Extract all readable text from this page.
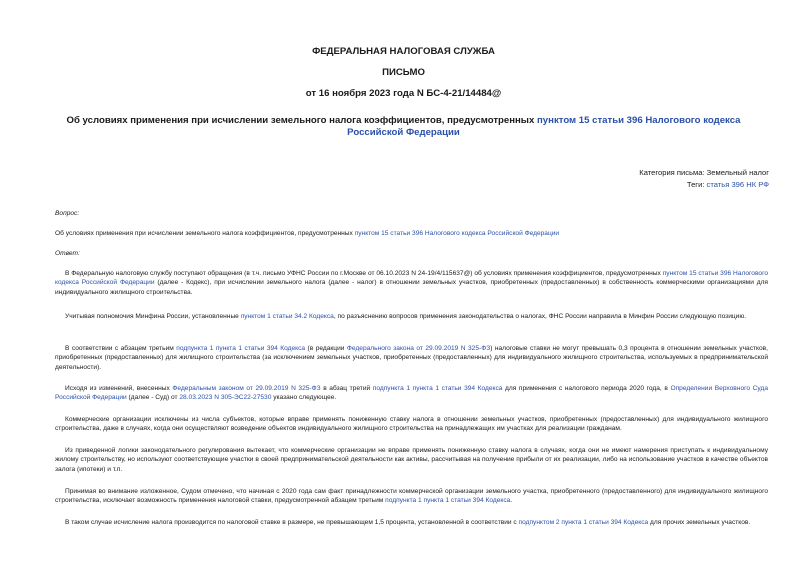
ФЕДЕРАЛЬНАЯ НАЛОГОВАЯ СЛУЖБА
ПИСЬМО
от 16 ноября 2023 года N БС-4-21/14484@
Об условиях применения при исчислении земельного налога коэффициентов, предусмотренных пунктом 15 статьи 396 Налогового кодекса Российской Федерации
Категория письма: Земельный налог
Теги: статья 396 НК РФ
Вопрос:
Об условиях применения при исчислении земельного налога коэффициентов, предусмотренных пунктом 15 статьи 396 Налогового кодекса Российской Федерации
Ответ:
В Федеральную налоговую службу поступают обращения (в т.ч. письмо УФНС России по г.Москве от 06.10.2023 N 24-19/4/115637@) об условиях применения коэффициентов, предусмотренных пунктом 15 статьи 396 Налогового кодекса Российской Федерации (далее - Кодекс), при исчислении земельного налога (далее - налог) в отношении земельных участков, приобретенных (предоставленных) в собственность коммерческими организациями для индивидуального жилищного строительства.
Учитывая полномочия Минфина России, установленные пунктом 1 статьи 34.2 Кодекса, по разъяснению вопросов применения законодательства о налогах, ФНС России направила в Минфин России следующую позицию.
В соответствии с абзацем третьим подпункта 1 пункта 1 статьи 394 Кодекса (в редакции Федерального закона от 29.09.2019 N 325-ФЗ) налоговые ставки не могут превышать 0,3 процента в отношении земельных участков, приобретенных (предоставленных) для жилищного строительства (за исключением земельных участков, приобретенных (предоставленных) для индивидуального жилищного строительства, используемых в предпринимательской деятельности).
Исходя из изменений, внесенных Федеральным законом от 29.09.2019 N 325-ФЗ в абзац третий подпункта 1 пункта 1 статьи 394 Кодекса для применения с налогового периода 2020 года, в Определении Верховного Суда Российской Федерации (далее - Суд) от 28.03.2023 N 305-ЭС22-27530 указано следующее.
Коммерческие организации исключены из числа субъектов, которые вправе применять пониженную ставку налога в отношении земельных участков, приобретенных (предоставленных) для индивидуального жилищного строительства, даже в случаях, когда они осуществляют возведение объектов индивидуального жилищного строительства на принадлежащих им участках для реализации гражданам.
Из приведенной логики законодательного регулирования вытекает, что коммерческие организации не вправе применять пониженную ставку налога в случаях, когда они не имеют намерения приступать к индивидуальному жилому строительству, но используют соответствующие участки в своей предпринимательской деятельности как активы, рассчитывая на получение прибыли от их реализации, либо на использование участков в качестве объектов залога (ипотеки) и т.п.
Принимая во внимание изложенное, Судом отмечено, что начиная с 2020 года сам факт принадлежности коммерческой организации земельного участка, приобретенного (предоставленного) для индивидуального жилищного строительства, исключает возможность применения налоговой ставки, предусмотренной абзацем третьим подпункта 1 пункта 1 статьи 394 Кодекса.
В таком случае исчисление налога производится по налоговой ставке в размере, не превышающем 1,5 процента, установленной в соответствии с подпунктом 2 пункта 1 статьи 394 Кодекса для прочих земельных участков.
